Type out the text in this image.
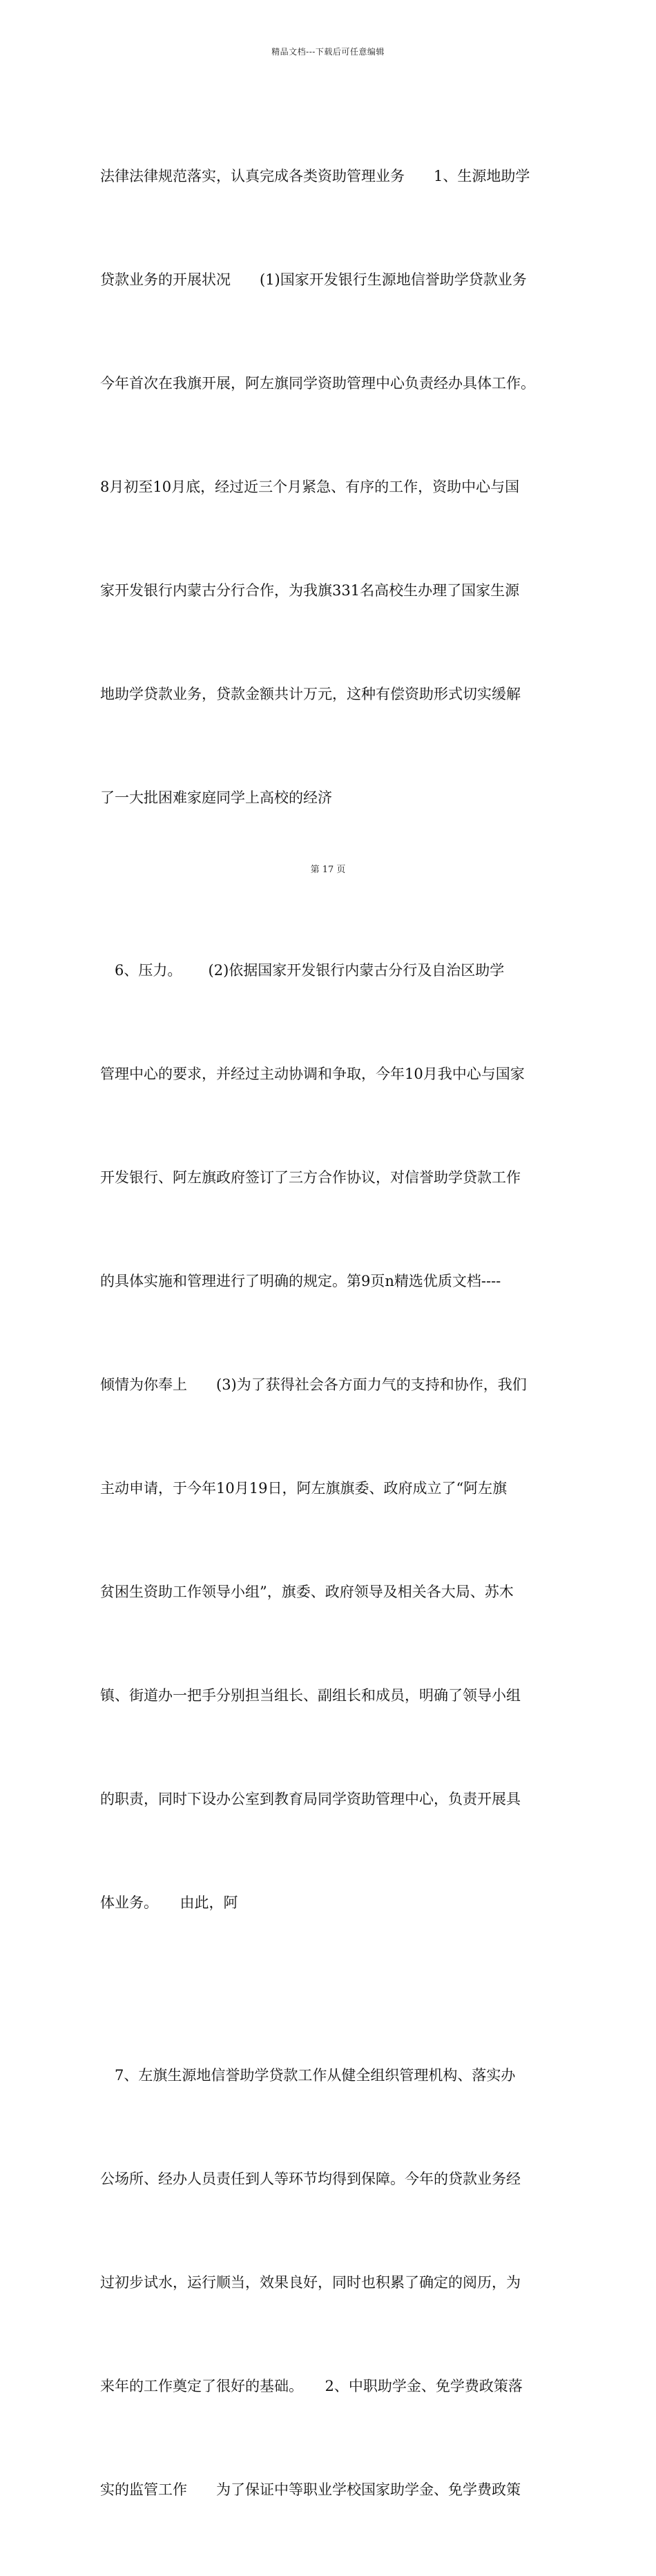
精品文档---下载后可任意编辑

法律法律规范落实，认真完成各类资助管理业务　　1、生源地助学

贷款业务的开展状况　　(1)国家开发银行生源地信誉助学贷款业务

今年首次在我旗开展，阿左旗同学资助管理中心负责经办具体工作。

8月初至10月底，经过近三个月紧急、有序的工作，资助中心与国

家开发银行内蒙古分行合作，为我旗331名高校生办理了国家生源

地助学贷款业务，贷款金额共计万元，这种有偿资助形式切实缓解

了一大批困难家庭同学上高校的经济

　6、压力。　　 (2)依据国家开发银行内蒙古分行及自治区助学

管理中心的要求，并经过主动协调和争取，今年10月我中心与国家

开发银行、阿左旗政府签订了三方合作协议，对信誉助学贷款工作

的具体实施和管理进行了明确的规定。第9页n精选优质文档----

倾情为你奉上　　(3)为了获得社会各方面力气的支持和协作，我们

主动申请，于今年10月19日，阿左旗旗委、政府成立了“阿左旗

贫困生资助工作领导小组”，旗委、政府领导及相关各大局、苏木

镇、街道办一把手分别担当组长、副组长和成员，明确了领导小组

的职责，同时下设办公室到教育局同学资助管理中心，负责开展具

体业务。　　由此，阿

　7、左旗生源地信誉助学贷款工作从健全组织管理机构、落实办

公场所、经办人员责任到人等环节均得到保障。今年的贷款业务经

过初步试水，运行顺当，效果良好，同时也积累了确定的阅历，为

来年的工作奠定了很好的基础。　　2、中职助学金、免学费政策落

实的监管工作　　为了保证中等职业学校国家助学金、免学费政策

第 17 页
